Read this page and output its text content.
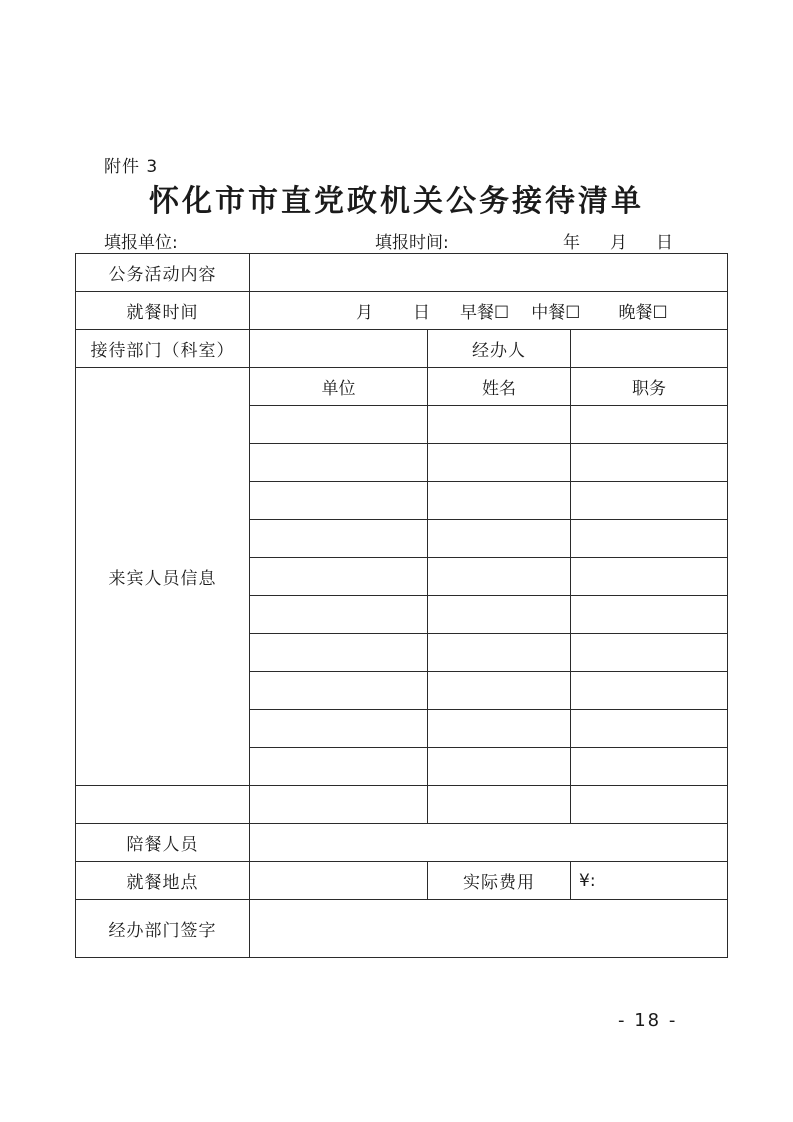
附件 3
怀化市市直党政机关公务接待清单
填报单位:	填报时间:	年 月 日
公务活动内容			
就餐时间	月 日 早餐☐ 中餐☐ 晚餐☐		

接待部门（科室）		经办人	
来宾人员信息	单位	姓名	职务

陪餐人员			
就餐地点		实际费用	¥:
经办部门签字			
- 18 -
